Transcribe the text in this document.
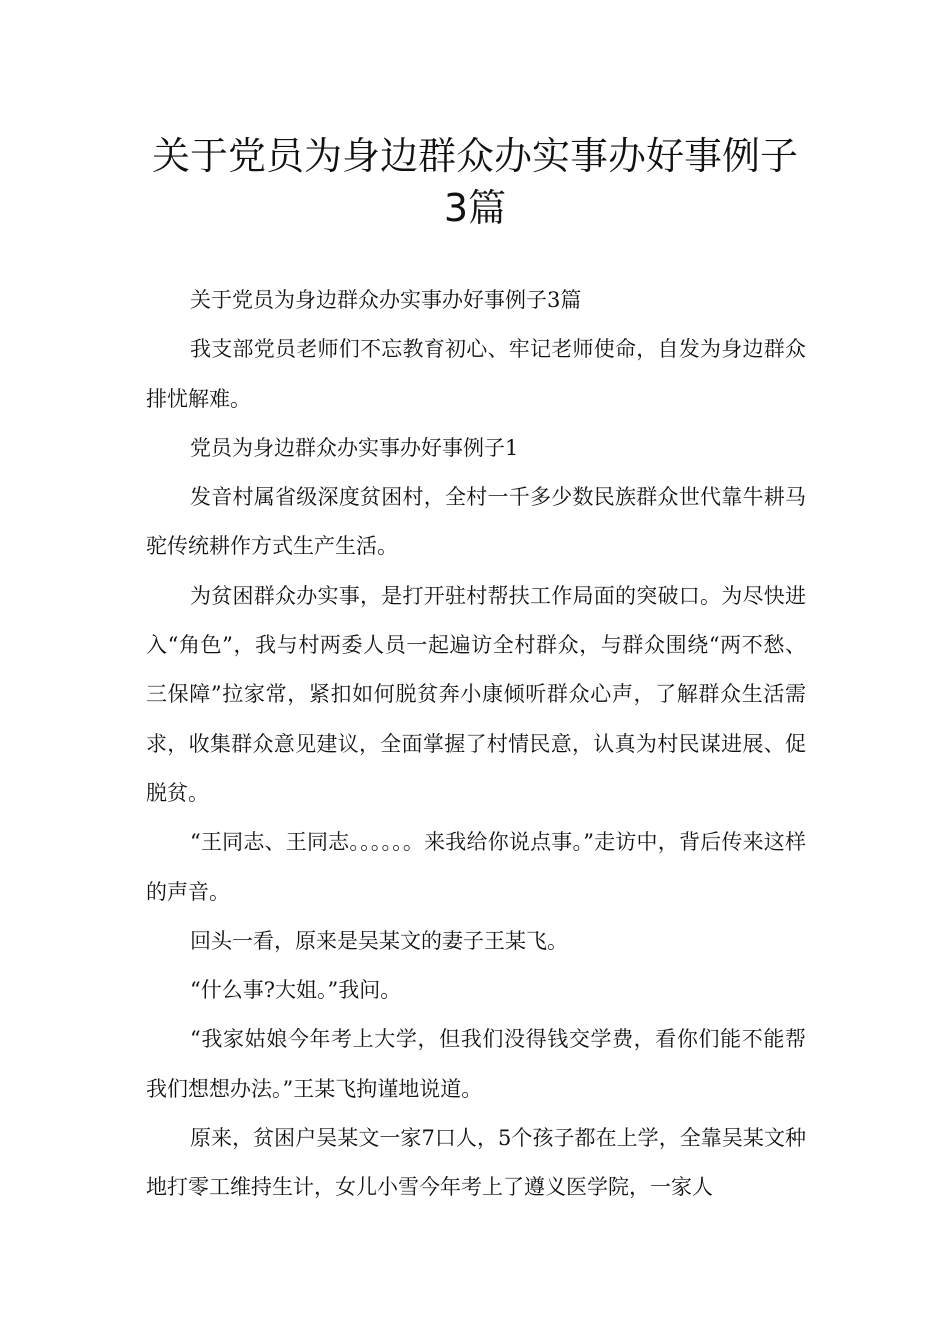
关于党员为身边群众办实事办好事例子
3篇

关于党员为身边群众办实事办好事例子3篇

我支部党员老师们不忘教育初心、牢记老师使命，自发为身边群众排忧解难。

党员为身边群众办实事办好事例子1

发音村属省级深度贫困村，全村一千多少数民族群众世代靠牛耕马驼传统耕作方式生产生活。

为贫困群众办实事，是打开驻村帮扶工作局面的突破口。为尽快进入“角色”，我与村两委人员一起遍访全村群众，与群众围绕“两不愁、三保障”拉家常，紧扣如何脱贫奔小康倾听群众心声，了解群众生活需求，收集群众意见建议，全面掌握了村情民意，认真为村民谋进展、促脱贫。

“王同志、王同志。。。。。。来我给你说点事。”走访中，背后传来这样的声音。

回头一看，原来是吴某文的妻子王某飞。

“什么事?大姐。”我问。

“我家姑娘今年考上大学，但我们没得钱交学费，看你们能不能帮我们想想办法。”王某飞拘谨地说道。

原来，贫困户吴某文一家7口人，5个孩子都在上学，全靠吴某文种地打零工维持生计，女儿小雪今年考上了遵义医学院，一家人
